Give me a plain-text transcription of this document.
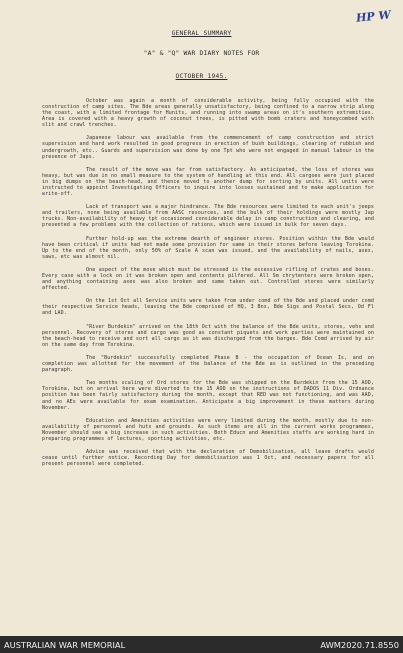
HP W
GENERAL SUMMARY
"A" & "Q" WAR DIARY NOTES FOR
OCTOBER 1945.

October was again a month of considerable activity, being fully occupied with the construction of camp sites. The Bde areas generally unsatisfactory, being confined to a narrow strip along the coast, with a limited frontage for Hunits, and running into swamp areas on it's southern extremities. Area is covered with a heavy growth of coconut trees, is pitted with bomb craters and honeycombed with slit and crawl trenches.

Japanese labour was available from the commencement of camp construction and strict supervision and hard work resulted in good progress in erection of bush buildings, clearing of rubbish and undergrowth, etc.. Guards and supervision was done by one Tpt who were not engaged in manual labour in the presence of Japs.

The result of the move was far from satisfactory. As anticipated, the loss of stores was heavy, but was due in no small measure to the system of handling at this end. All cargoes were just placed in big dumps on the beach-head, and thence moved to another dump for sorting by units. All units were instructed to appoint Investigating Officers to inquire into losses sustained and to make application for write-off.

Lack of transport was a major hindrance. The Bde resources were limited to each unit's jeeps and trailers, none being available from AASC resources, and the bulk of their holdings were mostly Jap trucks. Non-availability of heavy tpt occasioned considerable delay in camp construction and clearing, and presented a few problems with the collection of rations, which were issued in bulk for seven days.

Further hold-up was the extreme dearth of engineer stores. Position within the Bde would have been critical if units had not made some provision for same in their stores before leaving Torokina. Up to the end of the month, only 50% of Scale A scan was issued, and the availability of nails, axes, saws, etc was almost nil.

One aspect of the move which must be stressed is the excessive rifling of crates and boxes. Every case with a lock on it was broken open and contents pilfered. All Sm chrytenters were broken open, and anything containing axes was also broken and same taken out. Controlled stores were similarly affected.

On the 1st Oct all Service units were taken from under comd of the Bde and placed under comd their respective Service heads, leaving the Bde comprised of HQ, 3 Bns, Bde Sigs and Postal Secs, Od Fl and LAD.

"River Burdekin" arrived on the 18th Oct with the balance of the Bde units, stores, vehs and personnel. Recovery of stores and cargo was good as constant piquets and work parties were maintained on the beach-head to receive and sort all cargo as it was discharged from the barges. Bde Comd arrived by air on the same day from Torokina.

The "Burdekin" successfully completed Phase B - the occupation of Ocean Is, and on completion was allotted for the movement of the balance of the Bde as is outlined in the preceding paragraph.

Two months scaling of Ord stores for the Bde was shipped on the Burdekin from the 15 AOD, Torokina, but on arrival here were diverted to the 15 AOD on the instructions of DADOS 11 Div. Ordnance position has been fairly satisfactory during the month, except that RED was not functioning, and was AAD, and no AEs were available for exam examination. Anticipate a big improvement in these matters during November.

Education and Amenities activities were very limited during the month, mostly due to non-availability of personnel and huts and grounds. As such items are all in the current works programmes, November should see a big increase in such activities. Both Educn and Amenities staffs are working hard in preparing programmes of lectures, sporting activities, etc.

Advice was received that with the declaration of Demobilisation, all leave drafts would cease until further notice. Recording Day for demobilisation was 1 Oct, and necessary papers for all present personnel were completed.

AUSTRALIAN WAR MEMORIAL	AWM2020.71.8550
